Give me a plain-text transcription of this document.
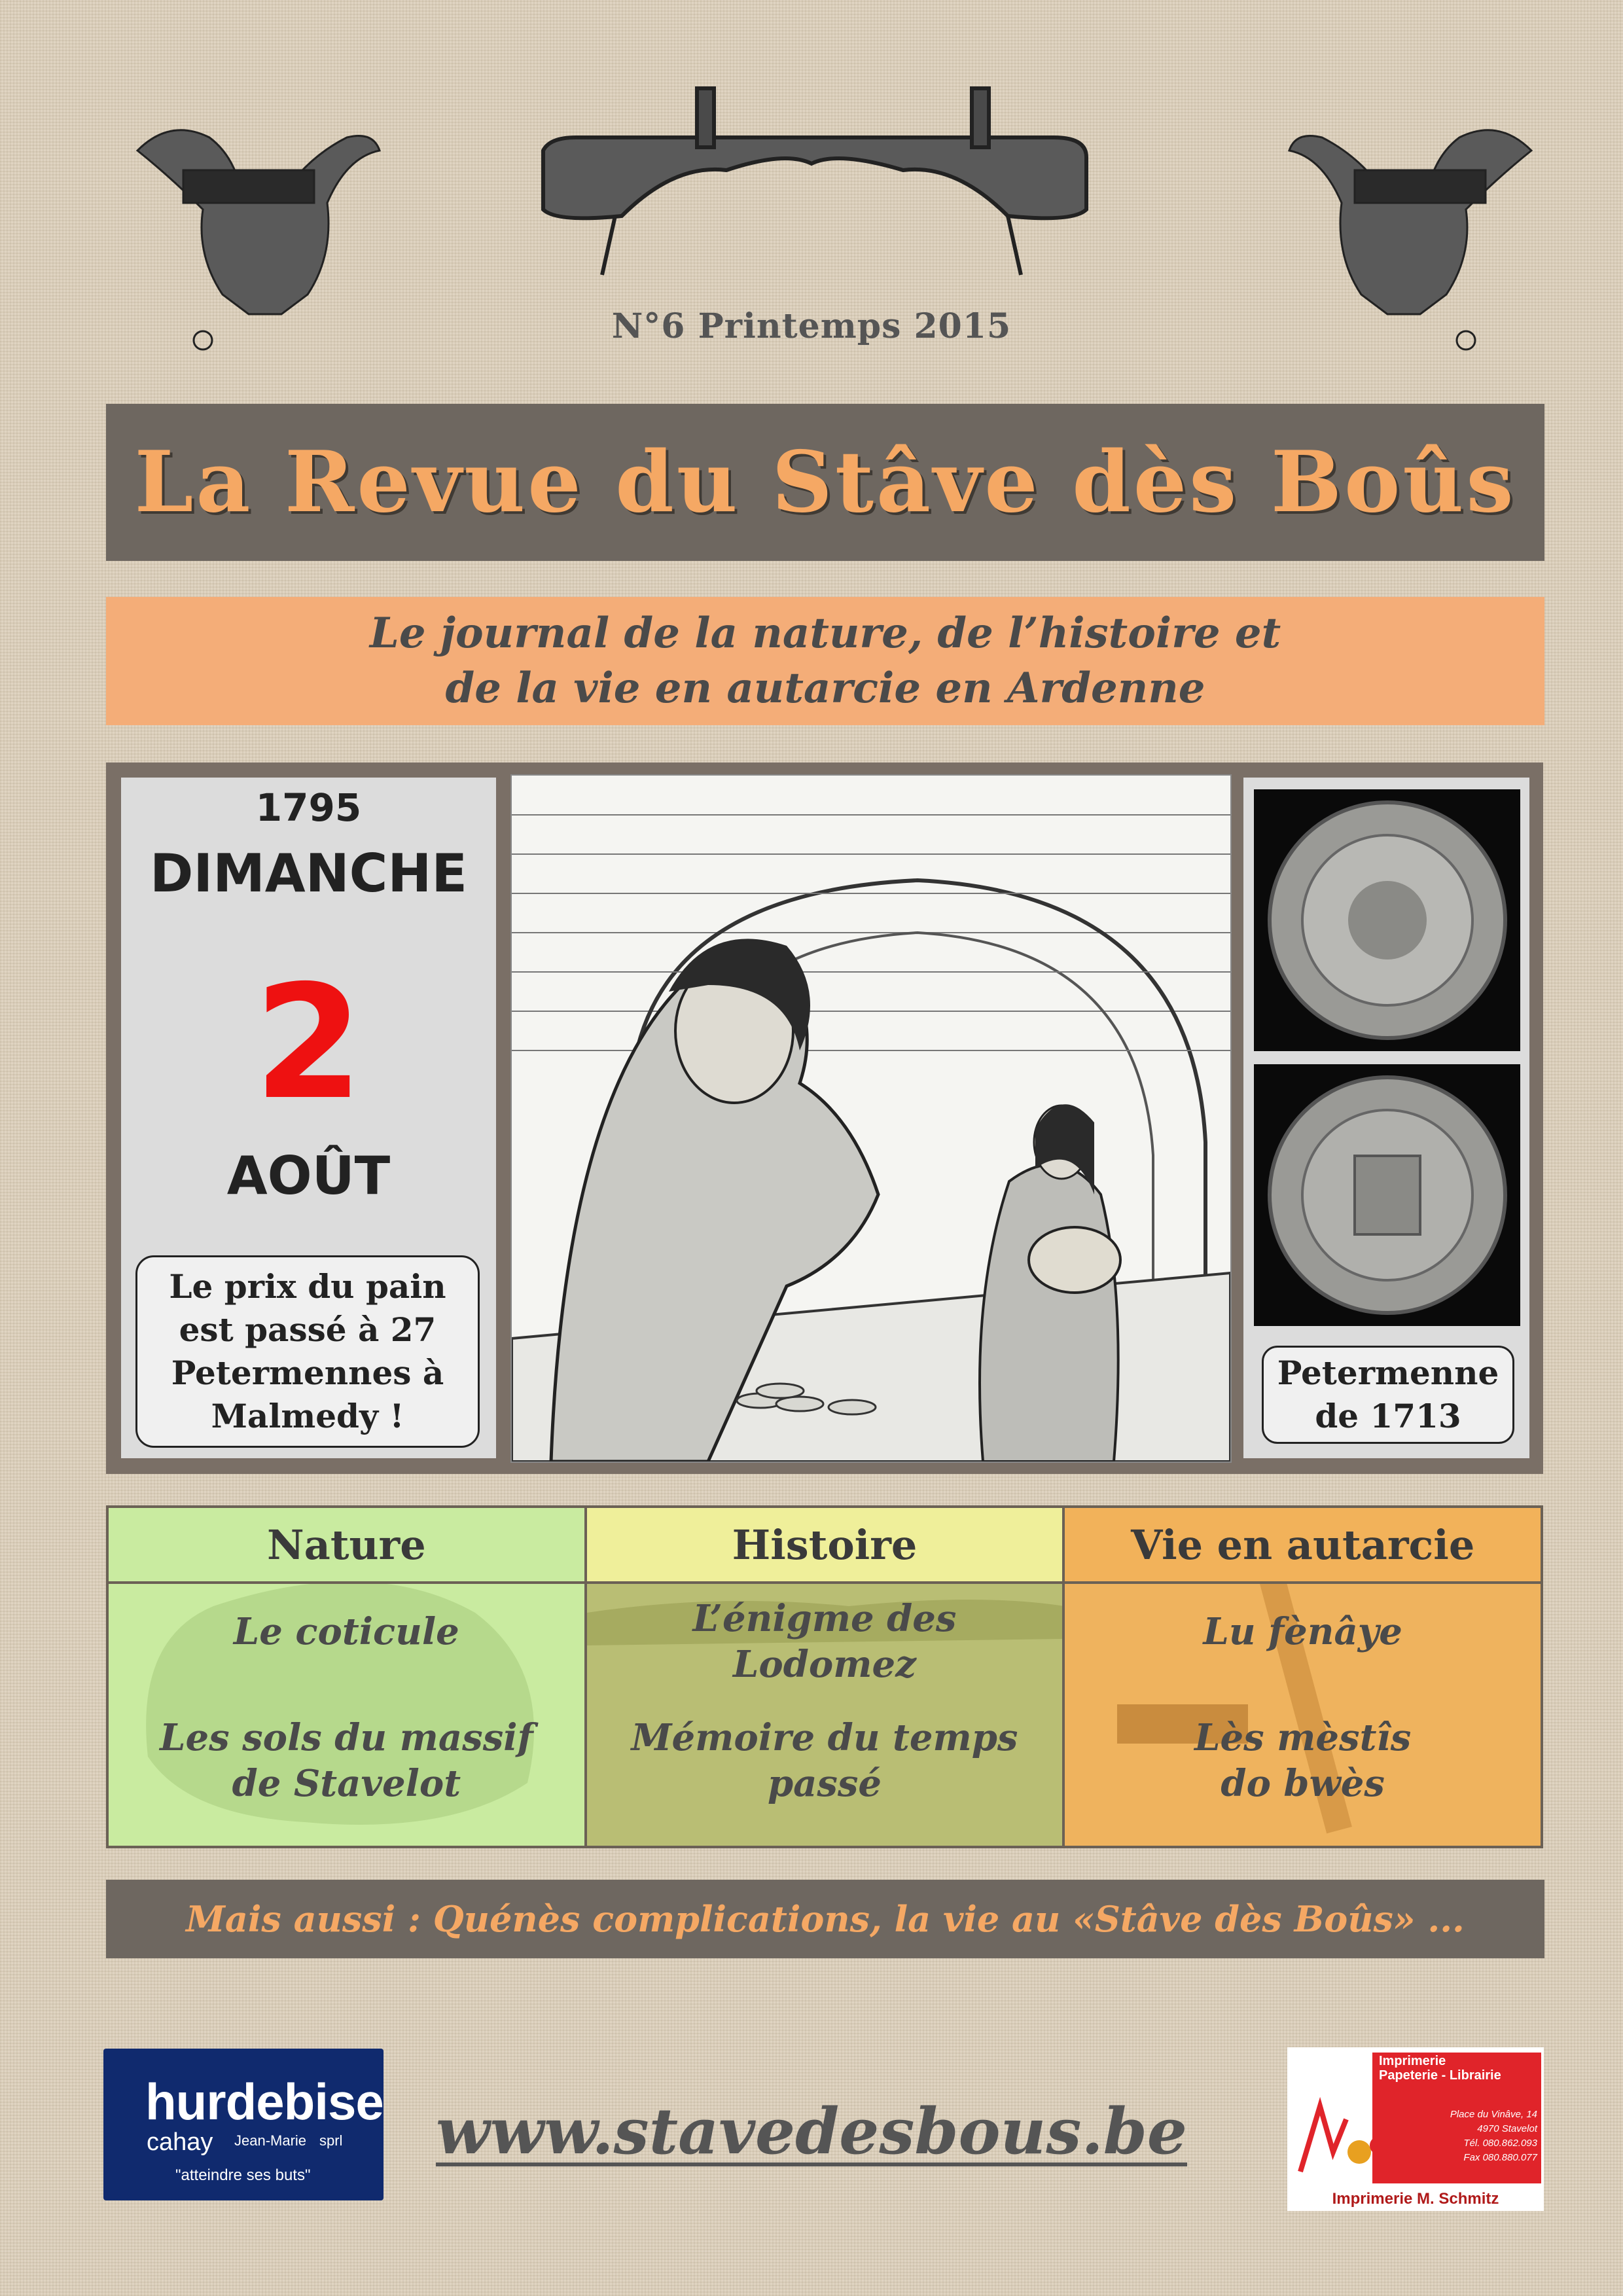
N°6 Printemps 2015
La Revue du Stâve dès Boûs
Le journal de la nature, de l’histoire et
de la vie en autarcie en Ardenne
1795
DIMANCHE
2
AOÛT
Le prix du pain
est passé à 27
Petermennes à
Malmedy !
Petermenne
de 1713
Nature
Le coticule
Les sols du massif
de Stavelot
Histoire
L’énigme des
Lodomez
Mémoire du temps
passé
Vie en autarcie
Lu fènâye
Lès mèstîs
do bwès
Mais aussi : Quénès complications, la vie au «Stâve dès Boûs» ...
hurdebise
cahay Jean-Marie sprl
"atteindre ses buts"
www.stavedesbous.be
Imprimerie
Papeterie - Librairie
Place du Vinâve, 14
4970 Stavelot
Tél. 080.862.093
Fax 080.880.077
Imprimerie M. Schmitz
